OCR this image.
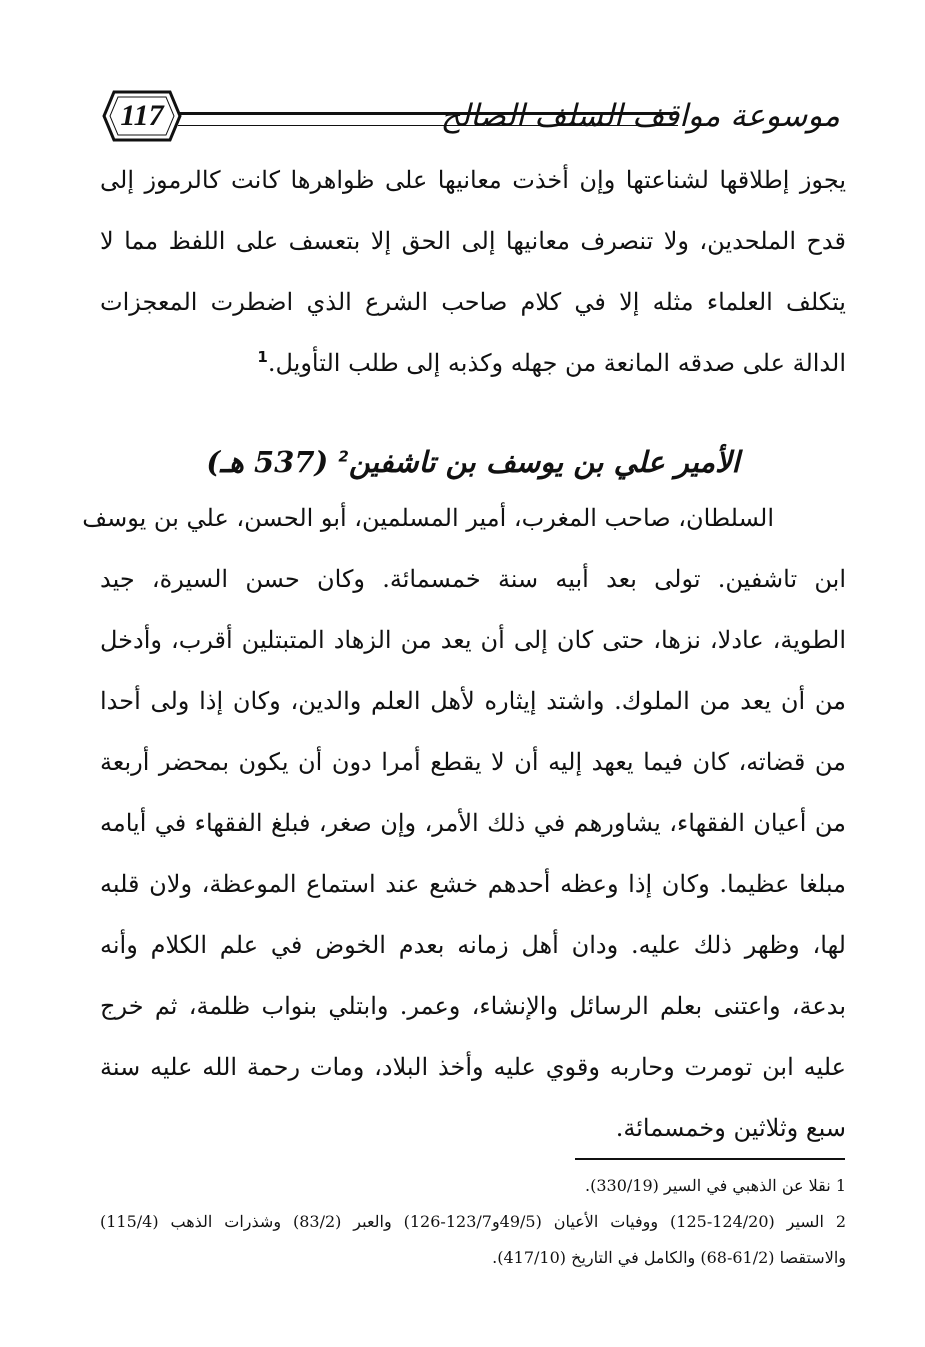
117	موسوعة مواقف السلف الصالح
يجوز إطلاقها لشناعتها وإن أخذت معانيها على ظواهرها كانت كالرموز إلى
قدح الملحدين، ولا تنصرف معانيها إلى الحق إلا بتعسف على اللفظ مما لا
يتكلف العلماء مثله إلا في كلام صاحب الشرع الذي اضطرت المعجزات
الدالة على صدقه المانعة من جهله وكذبه إلى طلب التأويل.$^1$
الأمير علي بن يوسف بن تاشفين$^2$ (537 هـ)
السلطان، صاحب المغرب، أمير المسلمين، أبو الحسن، علي بن يوسف
ابن تاشفين. تولى بعد أبيه سنة خمسمائة. وكان حسن السيرة، جيد
الطوية، عادلا، نزها، حتى كان إلى أن يعد من الزهاد المتبتلين أقرب، وأدخل
من أن يعد من الملوك. واشتد إيثاره لأهل العلم والدين، وكان إذا ولى أحدا
من قضاته، كان فيما يعهد إليه أن لا يقطع أمرا دون أن يكون بمحضر أربعة
من أعيان الفقهاء، يشاورهم في ذلك الأمر، وإن صغر، فبلغ الفقهاء في أيامه
مبلغا عظيما. وكان إذا وعظه أحدهم خشع عند استماع الموعظة، ولان قلبه
لها، وظهر ذلك عليه. ودان أهل زمانه بعدم الخوض في علم الكلام وأنه
بدعة، واعتنى بعلم الرسائل والإنشاء، وعمر. وابتلي بنواب ظلمة، ثم خرج
عليه ابن تومرت وحاربه وقوي عليه وأخذ البلاد، ومات رحمة الله عليه سنة
سبع وثلاثين وخمسمائة.
1 نقلا عن الذهبي في السير (330/19).
2 السير (124/20-125) ووفيات الأعيان (49/5و123/7-126) والعبر (83/2) وشذرات الذهب (115/4)
والاستقصا (61/2-68) والكامل في التاريخ (417/10).
